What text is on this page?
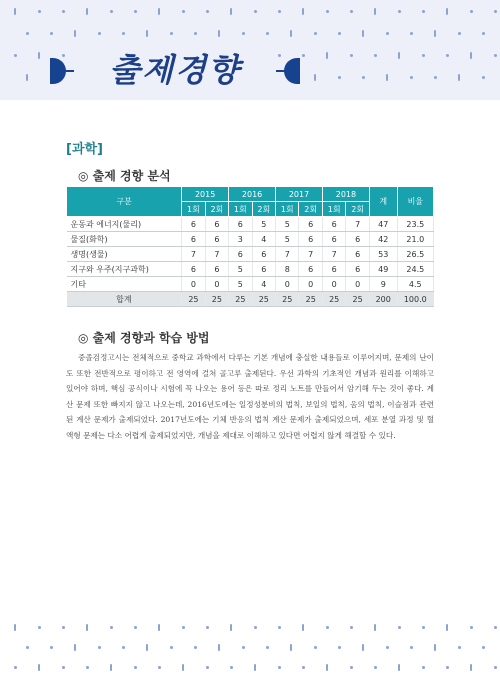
출제경향
[과학]
◎ 출제 경향 분석
구분	2015		2016		2017		2018		계	비율
	1회	2회	1회	2회	1회	2회	1회	2회		
운동과 에너지(물리)	6	6	6	5	5	6	6	7	47	23.5
물질(화학)	6	6	3	4	5	6	6	6	42	21.0
생명(생물)	7	7	6	6	7	7	7	6	53	26.5
지구와 우주(지구과학)	6	6	5	6	8	6	6	6	49	24.5
기타	0	0	5	4	0	0	0	0	9	4.5
합계	25	25	25	25	25	25	25	25	200	100.0
◎ 출제 경향과 학습 방법

중졸검정고시는 전체적으로 중학교 과학에서 다루는 기본 개념에 충실한 내용들로 이루어지며, 문제의 난이도 또한 전반적으로 평이하고 전 영역에 걸쳐 골고루 출제된다. 우선 과학의 기초적인 개념과 원리를 이해하고 있어야 하며, 핵심 공식이나 시험에 꼭 나오는 용어 등은 따로 정리 노트를 만들어서 암기해 두는 것이 좋다. 계산 문제 또한 빠지지 않고 나오는데, 2016년도에는 일정성분비의 법칙, 보일의 법칙, 옴의 법칙, 이슬점과 관련된 계산 문제가 출제되었다. 2017년도에는 기체 반응의 법칙 계산 문제가 출제되었으며, 세포 분열 과정 및 혈액형 문제는 다소 어렵게 출제되었지만, 개념을 제대로 이해하고 있다면 어렵지 않게 해결할 수 있다.
